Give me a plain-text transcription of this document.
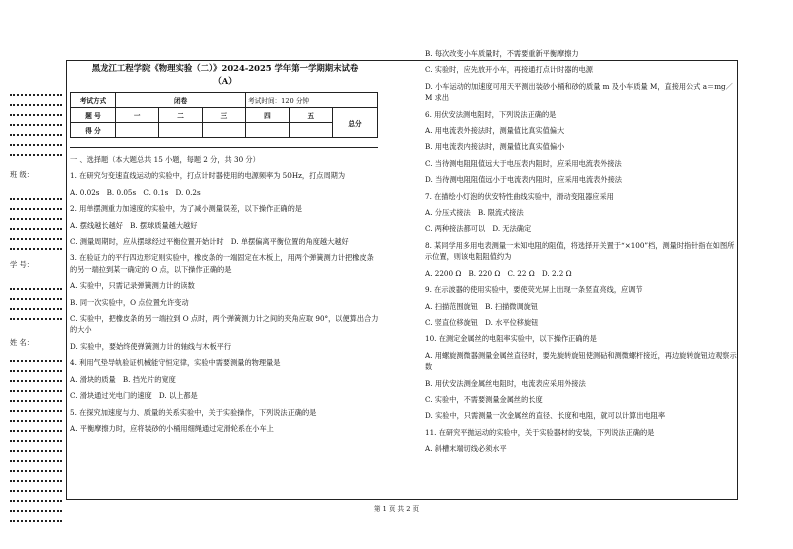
班 级：
学 号：
姓 名：
黑龙江工程学院《物理实验（二）》2024-2025 学年第一学期期末试卷
（A）
考试方式	闭卷			考试时间：120 分钟		
题 号	一	二	三	四	五	总分
得 分						

一 、选择题（本大题总共 15 小题，每题 2 分，共 30 分）

1. 在研究匀变速直线运动的实验中，打点计时器使用的电源频率为 50Hz，打点周期为

A. 0.02s　B. 0.05s　C. 0.1s　D. 0.2s

2. 用单摆测重力加速度的实验中，为了减小测量误差，以下操作正确的是

A. 摆线越长越好　B. 摆球质量越大越好

C. 测量周期时，应从摆球经过平衡位置开始计时　D. 单摆偏离平衡位置的角度越大越好

3. 在验证力的平行四边形定则实验中，橡皮条的一端固定在木板上，用两个弹簧测力计把橡皮条的另一端拉到某一确定的 O 点，以下操作正确的是

A. 实验中，只需记录弹簧测力计的读数

B. 同一次实验中，O 点位置允许变动

C. 实验中，把橡皮条的另一端拉到 O 点时，两个弹簧测力计之间的夹角应取 90°，以便算出合力的大小

D. 实验中，要始终使弹簧测力计的轴线与木板平行

4. 利用气垫导轨验证机械能守恒定律，实验中需要测量的物理量是

A. 滑块的质量　B. 挡光片的宽度

C. 滑块通过光电门的速度　D. 以上都是

5. 在探究加速度与力、质量的关系实验中，关于实验操作，下列说法正确的是

A. 平衡摩擦力时，应将装砂的小桶用细绳通过定滑轮系在小车上

B. 每次改变小车质量时，不需要重新平衡摩擦力

C. 实验时，应先放开小车，再接通打点计时器的电源

D. 小车运动的加速度可用天平测出装砂小桶和砂的质量 m 及小车质量 M，直接用公式 a＝mg／M 求出

6. 用伏安法测电阻时，下列说法正确的是

A. 用电流表外接法时，测量值比真实值偏大

B. 用电流表内接法时，测量值比真实值偏小

C. 当待测电阻阻值远大于电压表内阻时，应采用电流表外接法

D. 当待测电阻阻值远小于电流表内阻时，应采用电流表外接法

7. 在描绘小灯泡的伏安特性曲线实验中，滑动变阻器应采用

A. 分压式接法　B. 限流式接法

C. 两种接法都可以　D. 无法确定

8. 某同学用多用电表测量一未知电阻的阻值，将选择开关置于“×100”档，测量时指针指在如图所示位置，则该电阻阻值约为

A. 2200 Ω　B. 220 Ω　C. 22 Ω　D. 2.2 Ω

9. 在示波器的使用实验中，要使荧光屏上出现一条竖直亮线，应调节

A. 扫描范围旋钮　B. 扫描微调旋钮

C. 竖直位移旋钮　D. 水平位移旋钮

10. 在测定金属丝的电阻率实验中，以下操作正确的是

A. 用螺旋测微器测量金属丝直径时，要先旋转旋钮使测砧和测微螺杆接近，再边旋转旋钮边观察示数

B. 用伏安法测金属丝电阻时，电流表应采用外接法

C. 实验中，不需要测量金属丝的长度

D. 实验中，只需测量一次金属丝的直径、长度和电阻，就可以计算出电阻率

11. 在研究平抛运动的实验中，关于实验器材的安装，下列说法正确的是

A. 斜槽末端切线必须水平

第 1 页 共 2 页
